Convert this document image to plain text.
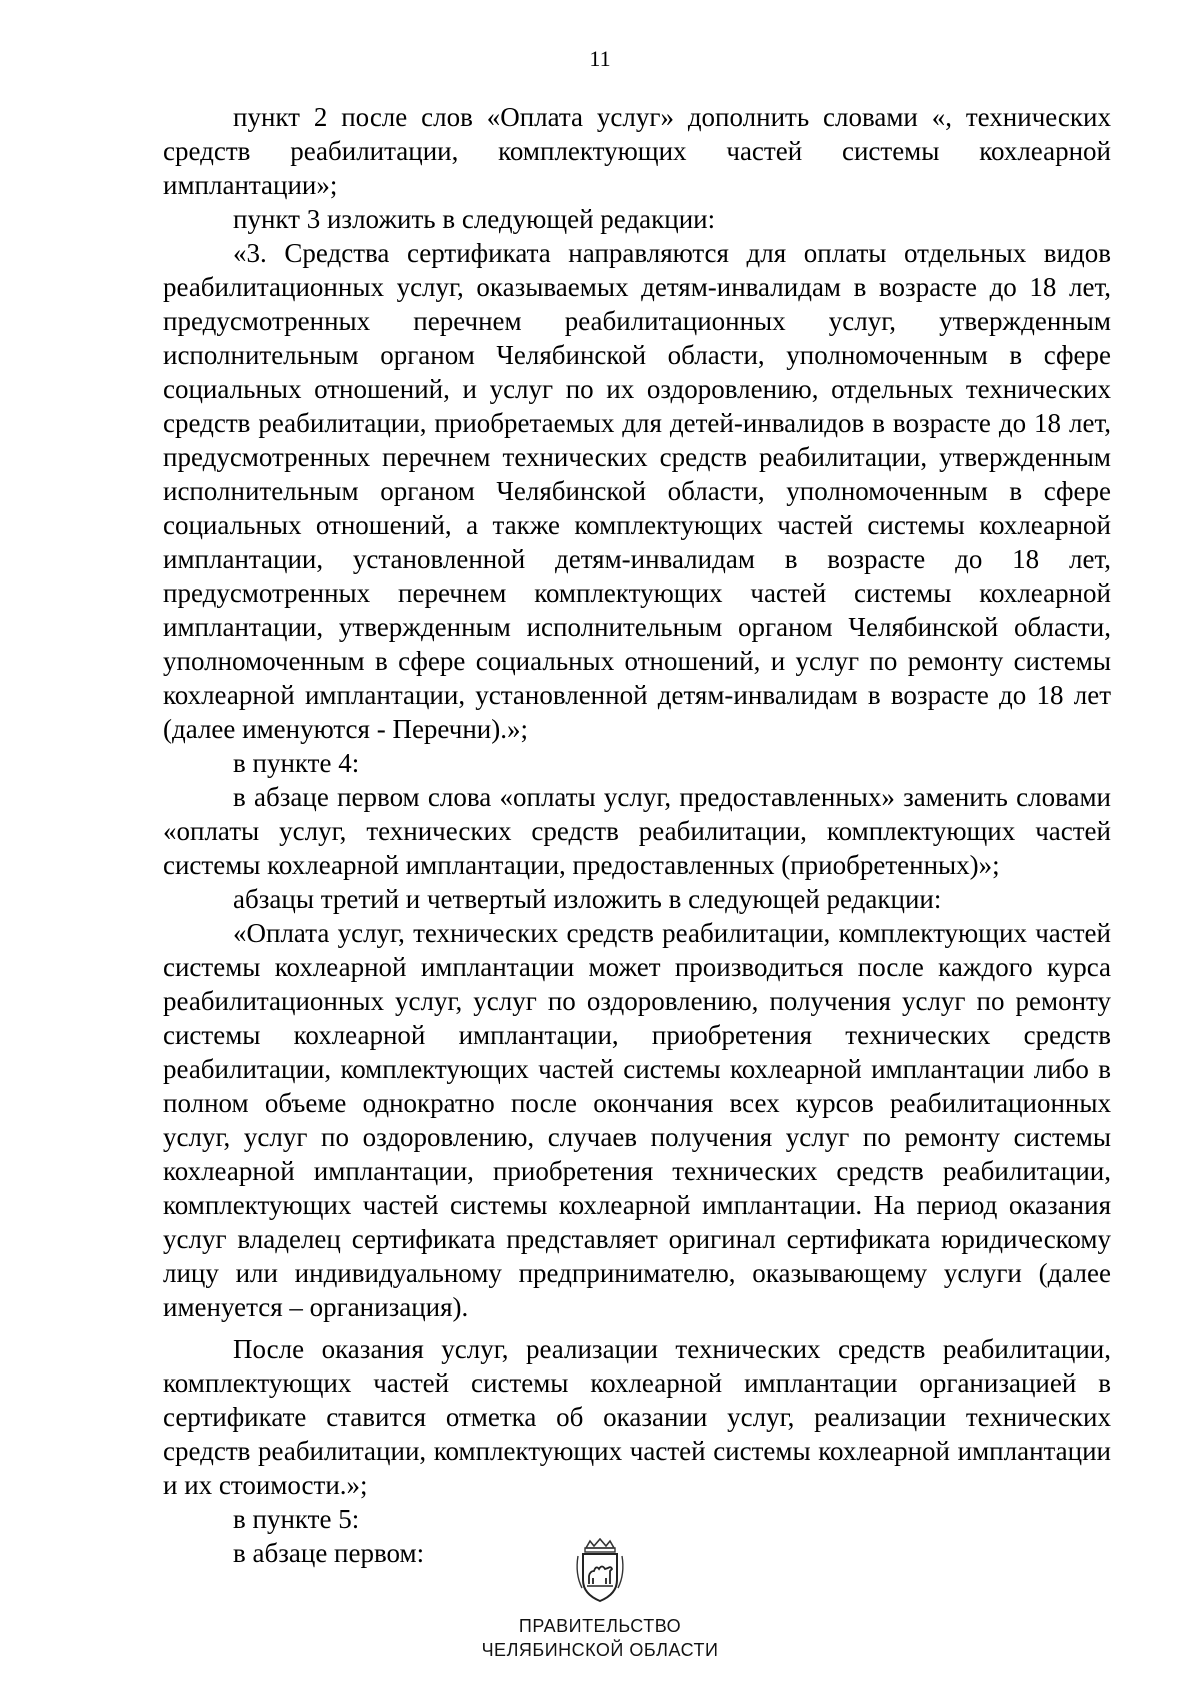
11

пункт 2 после слов «Оплата услуг» дополнить словами «, технических средств реабилитации, комплектующих частей системы кохлеарной имплантации»;

пункт 3 изложить в следующей редакции:

«3. Средства сертификата направляются для оплаты отдельных видов реабилитационных услуг, оказываемых детям-инвалидам в возрасте до 18 лет, предусмотренных перечнем реабилитационных услуг, утвержденным исполнительным органом Челябинской области, уполномоченным в сфере социальных отношений, и услуг по их оздоровлению, отдельных технических средств реабилитации, приобретаемых для детей-инвалидов в возрасте до 18 лет, предусмотренных перечнем технических средств реабилитации, утвержденным исполнительным органом Челябинской области, уполномоченным в сфере социальных отношений, а также комплектующих частей системы кохлеарной имплантации, установленной детям-инвалидам в возрасте до 18 лет, предусмотренных перечнем комплектующих частей системы кохлеарной имплантации, утвержденным исполнительным органом Челябинской области, уполномоченным в сфере социальных отношений, и услуг по ремонту системы кохлеарной имплантации, установленной детям-инвалидам в возрасте до 18 лет (далее именуются - Перечни).»;

в пункте 4:

в абзаце первом слова «оплаты услуг, предоставленных» заменить словами «оплаты услуг, технических средств реабилитации, комплектующих частей системы кохлеарной имплантации, предоставленных (приобретенных)»;

абзацы третий и четвертый изложить в следующей редакции:

«Оплата услуг, технических средств реабилитации, комплектующих частей системы кохлеарной имплантации может производиться после каждого курса реабилитационных услуг, услуг по оздоровлению, получения услуг по ремонту системы кохлеарной имплантации, приобретения технических средств реабилитации, комплектующих частей системы кохлеарной имплантации либо в полном объеме однократно после окончания всех курсов реабилитационных услуг, услуг по оздоровлению, случаев получения услуг по ремонту системы кохлеарной имплантации, приобретения технических средств реабилитации, комплектующих частей системы кохлеарной имплантации. На период оказания услуг владелец сертификата представляет оригинал сертификата юридическому лицу или индивидуальному предпринимателю, оказывающему услуги (далее именуется – организация).

После оказания услуг, реализации технических средств реабилитации, комплектующих частей системы кохлеарной имплантации организацией в сертификате ставится отметка об оказании услуг, реализации технических средств реабилитации, комплектующих частей системы кохлеарной имплантации и их стоимости.»;

в пункте 5:

в абзаце первом:

ПРАВИТЕЛЬСТВО
ЧЕЛЯБИНСКОЙ ОБЛАСТИ
